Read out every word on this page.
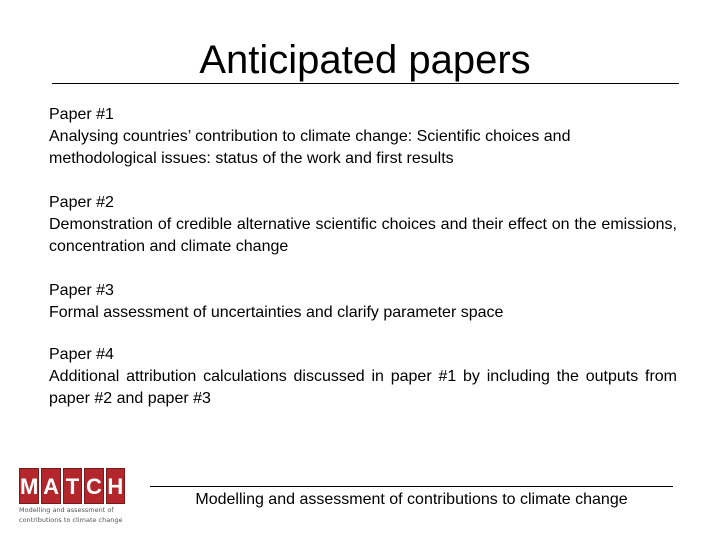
Anticipated papers
Paper #1
Analysing countries’ contribution to climate change: Scientific choices and methodological issues: status of the work and first results
Paper #2
Demonstration of credible alternative scientific choices and their effect on the emissions, concentration and climate change
Paper #3
Formal assessment of uncertainties and clarify parameter space
Paper #4
Additional attribution calculations discussed in paper #1 by including the outputs from paper #2 and paper #3
M A T C H
Modelling and assessment of
contributions to climate change
Modelling and assessment of contributions to climate change
